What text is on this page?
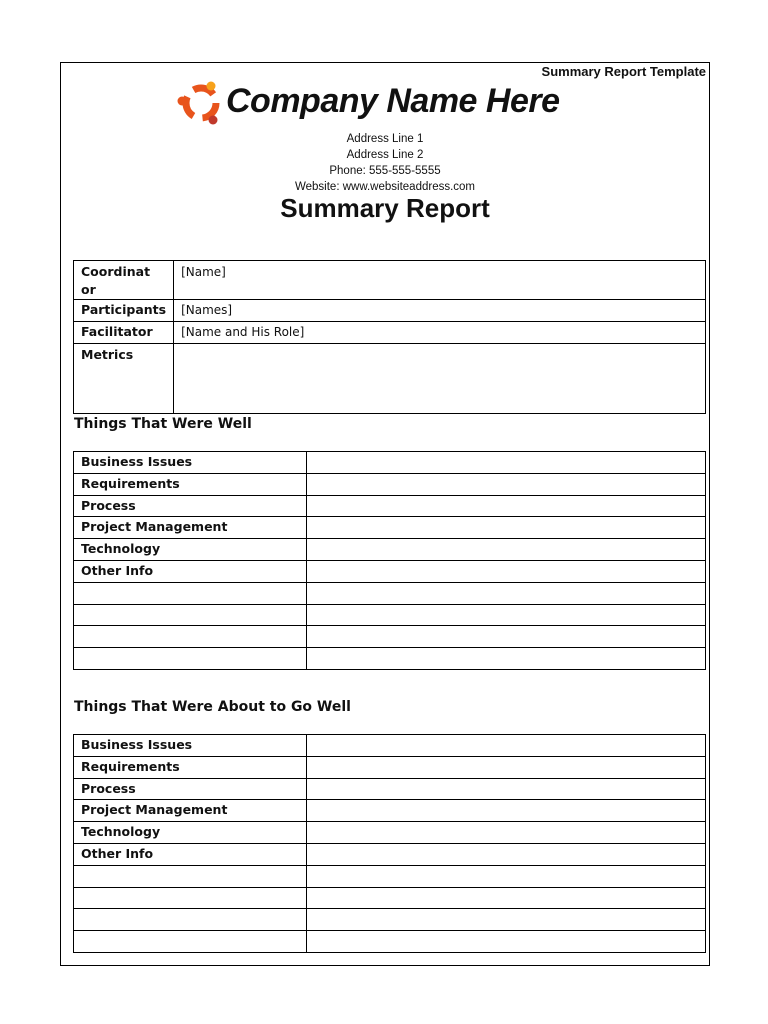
Summary Report Template
Company Name Here
Address Line 1
Address Line 2
Phone: 555-555-5555
Website: www.websiteaddress.com
Summary Report
Coordinator	[Name]
Participants	[Names]
Facilitator	[Name and His Role]
Metrics	
Things That Were Well
Business Issues	
Requirements	
Process	
Project Management	
Technology	
Other Info	

Things That Were About to Go Well
Business Issues	
Requirements	
Process	
Project Management	
Technology	
Other Info	
